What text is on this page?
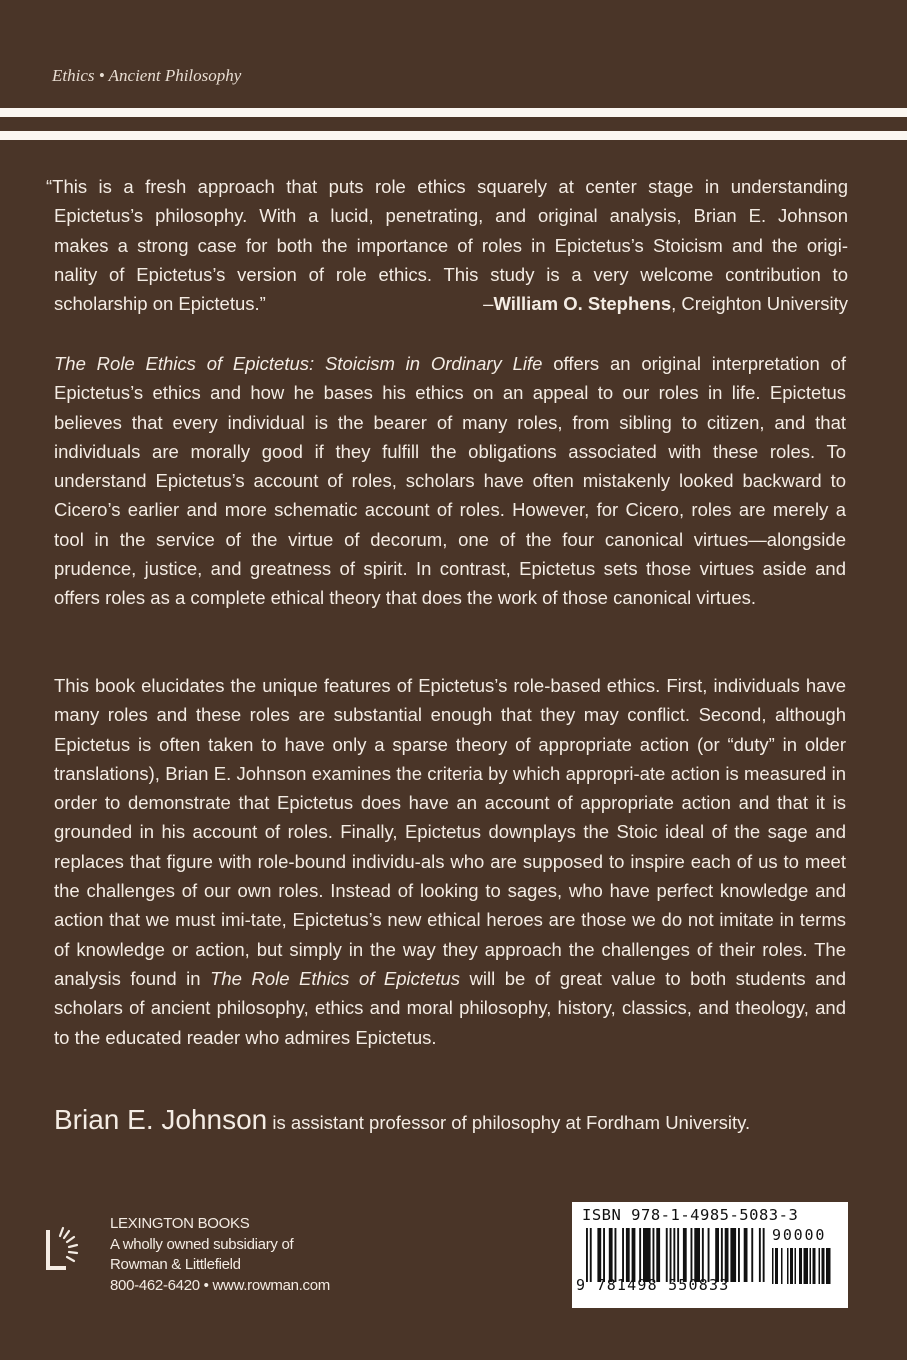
Ethics • Ancient Philosophy
“This is a fresh approach that puts role ethics squarely at center stage in understanding
Epictetus’s philosophy. With a lucid, penetrating, and original analysis, Brian E. Johnson
makes a strong case for both the importance of roles in Epictetus’s Stoicism and the origi-
nality of Epictetus’s version of role ethics. This study is a very welcome contribution to
scholarship on Epictetus.”	–William O. Stephens, Creighton University

The Role Ethics of Epictetus: Stoicism in Ordinary Life offers an original interpretation of Epictetus’s ethics and how he bases his ethics on an appeal to our roles in life. Epictetus believes that every individual is the bearer of many roles, from sibling to citizen, and that individuals are morally good if they fulfill the obligations associated with these roles. To understand Epictetus’s account of roles, scholars have often mistakenly looked backward to Cicero’s earlier and more schematic account of roles. However, for Cicero, roles are merely a tool in the service of the virtue of decorum, one of the four canonical virtues—alongside prudence, justice, and greatness of spirit. In contrast, Epictetus sets those virtues aside and offers roles as a complete ethical theory that does the work of those canonical virtues.

This book elucidates the unique features of Epictetus’s role-based ethics. First, individuals have many roles and these roles are substantial enough that they may conflict. Second, although Epictetus is often taken to have only a sparse theory of appropriate action (or “duty” in older translations), Brian E. Johnson examines the criteria by which appropri-ate action is measured in order to demonstrate that Epictetus does have an account of appropriate action and that it is grounded in his account of roles. Finally, Epictetus downplays the Stoic ideal of the sage and replaces that figure with role-bound individu-als who are supposed to inspire each of us to meet the challenges of our own roles. Instead of looking to sages, who have perfect knowledge and action that we must imi-tate, Epictetus’s new ethical heroes are those we do not imitate in terms of knowledge or action, but simply in the way they approach the challenges of their roles. The analysis found in The Role Ethics of Epictetus will be of great value to both students and scholars of ancient philosophy, ethics and moral philosophy, history, classics, and theology, and to the educated reader who admires Epictetus.

Brian E. Johnson is assistant professor of philosophy at Fordham University.
LEXINGTON BOOKS
A wholly owned subsidiary of
Rowman & Littlefield
800-462-6420 • www.rowman.com
ISBN 978-1-4985-5083-3
90000
9 781498 550833
